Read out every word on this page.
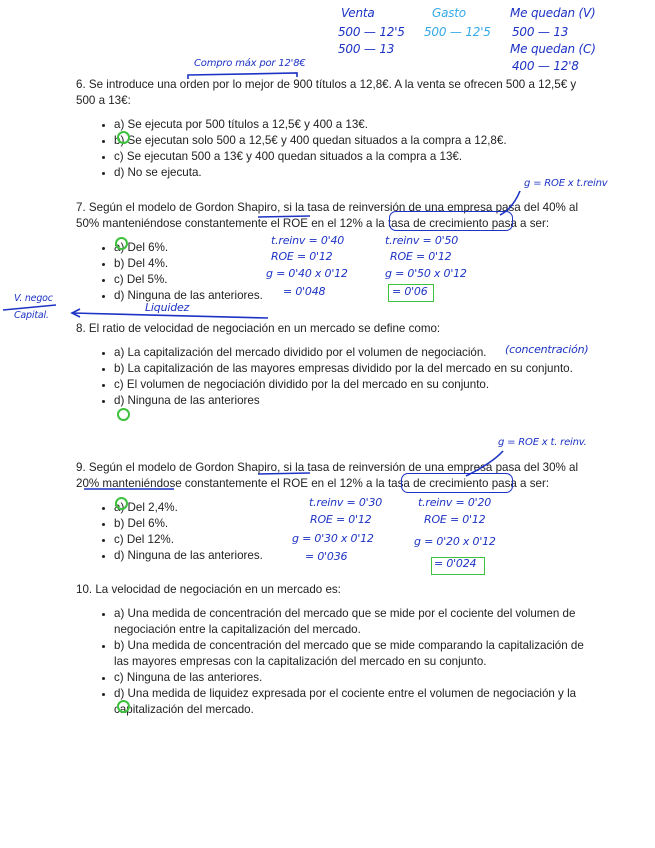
6. Se introduce una orden por lo mejor de 900 títulos a 12,8€. A la venta se ofrecen 500 a 12,5€ y 500 a 13€:

• a) Se ejecuta por 500 títulos a 12,5€ y 400 a 13€.
• b) Se ejecutan solo 500 a 12,5€ y 400 quedan situados a la compra a 12,8€.
• c) Se ejecutan 500 a 13€ y 400 quedan situados a la compra a 13€.
• d) No se ejecuta.

7. Según el modelo de Gordon Shapiro, si la tasa de reinversión de una empresa pasa del 40% al 50% manteniéndose constantemente el ROE en el 12% a la tasa de crecimiento pasa a ser:

• a) Del 6%.
• b) Del 4%.
• c) Del 5%.
• d) Ninguna de las anteriores.

8. El ratio de velocidad de negociación en un mercado se define como:

• a) La capitalización del mercado dividido por el volumen de negociación.
• b) La capitalización de las mayores empresas dividido por la del mercado en su conjunto.
• c) El volumen de negociación dividido por la del mercado en su conjunto.
• d) Ninguna de las anteriores

9. Según el modelo de Gordon Shapiro, si la tasa de reinversión de una empresa pasa del 30% al 20% manteniéndose constantemente el ROE en el 12% a la tasa de crecimiento pasa a ser:

• a) Del 2,4%.
• b) Del 6%.
• c) Del 12%.
• d) Ninguna de las anteriores.

10. La velocidad de negociación en un mercado es:

• a) Una medida de concentración del mercado que se mide por el cociente del volumen de negociación entre la capitalización del mercado.
• b) Una medida de concentración del mercado que se mide comparando la capitalización de las mayores empresas con la capitalización del mercado en su conjunto.
• c) Ninguna de las anteriores.
• d) Una medida de liquidez expresada por el cociente entre el volumen de negociación y la capitalización del mercado.
Venta
500 — 12'5
500 — 13
Gasto
500 — 12'5
Me quedan (V)
500 — 13
Me quedan (C)
400 — 12'8
Compro máx por 12'8€
g = ROE x t.reinv
t.reinv = 0'40
ROE = 0'12
g = 0'40 x 0'12
= 0'048
t.reinv = 0'50
ROE = 0'12
g = 0'50 x 0'12
= 0'06
V. negoc
Capital.
Liquidez
(concentración)
g = ROE x t. reinv.
t.reinv = 0'30
ROE = 0'12
g = 0'30 x 0'12
= 0'036
t.reinv = 0'20
ROE = 0'12
g = 0'20 x 0'12
= 0'024
